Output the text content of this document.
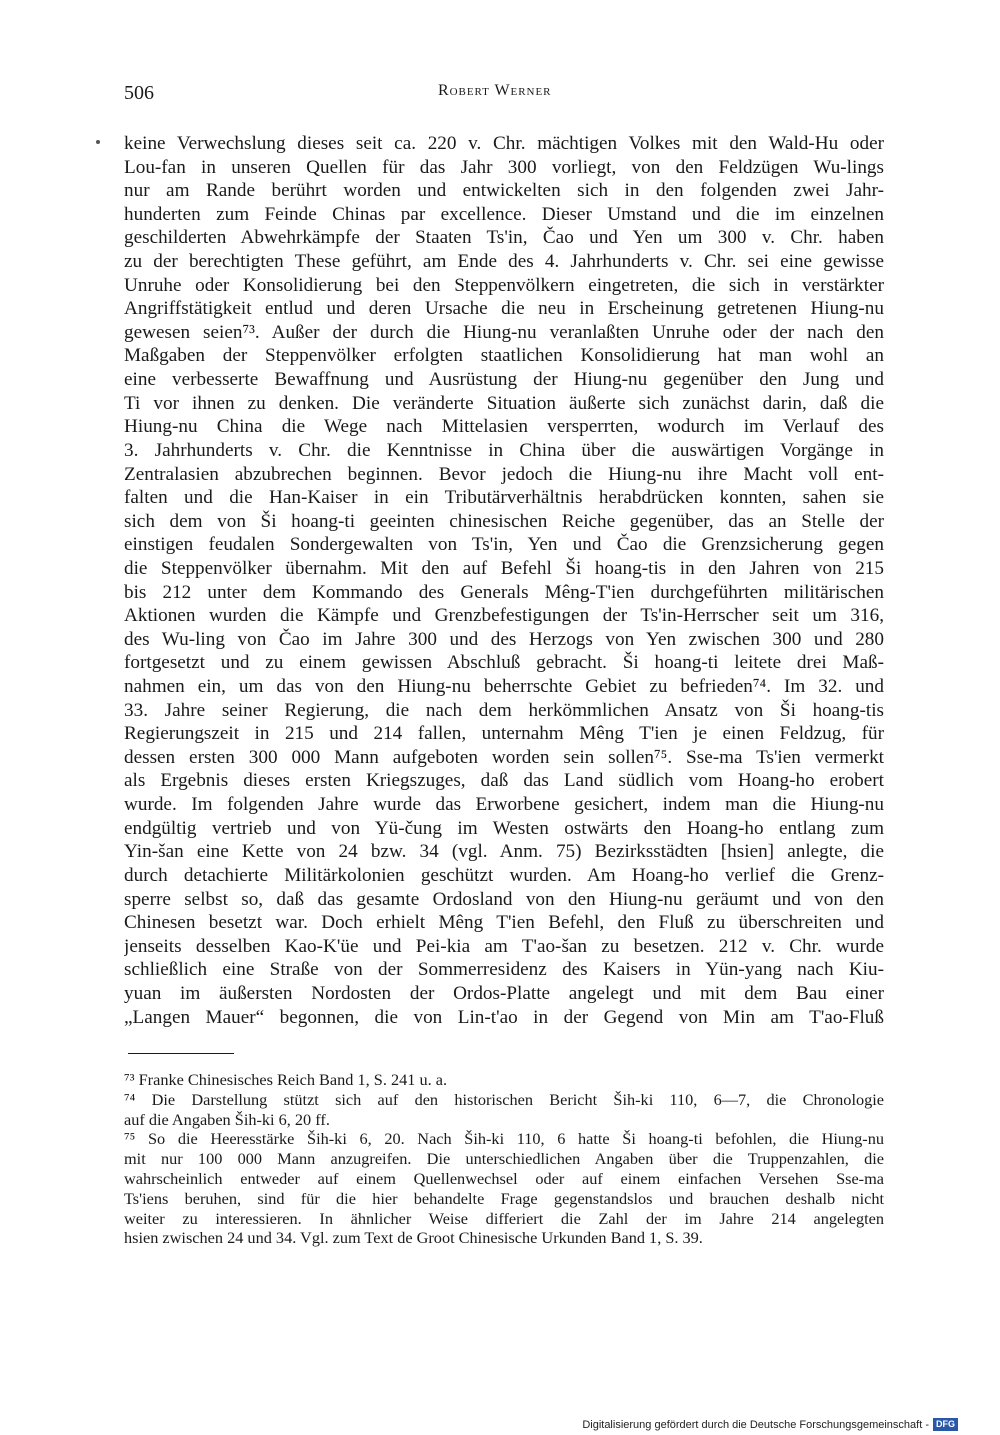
506	Robert Werner
keine Verwechslung dieses seit ca. 220 v. Chr. mächtigen Volkes mit den Wald-Hu oder
Lou-fan in unseren Quellen für das Jahr 300 vorliegt, von den Feldzügen Wu-lings
nur am Rande berührt worden und entwickelten sich in den folgenden zwei Jahr-
hunderten zum Feinde Chinas par excellence. Dieser Umstand und die im einzelnen
geschilderten Abwehrkämpfe der Staaten Ts'in, Čao und Yen um 300 v. Chr. haben
zu der berechtigten These geführt, am Ende des 4. Jahrhunderts v. Chr. sei eine gewisse
Unruhe oder Konsolidierung bei den Steppenvölkern eingetreten, die sich in verstärkter
Angriffstätigkeit entlud und deren Ursache die neu in Erscheinung getretenen Hiung-nu
gewesen seien⁷³. Außer der durch die Hiung-nu veranlaßten Unruhe oder der nach den
Maßgaben der Steppenvölker erfolgten staatlichen Konsolidierung hat man wohl an
eine verbesserte Bewaffnung und Ausrüstung der Hiung-nu gegenüber den Jung und
Ti vor ihnen zu denken. Die veränderte Situation äußerte sich zunächst darin, daß die
Hiung-nu China die Wege nach Mittelasien versperrten, wodurch im Verlauf des
3. Jahrhunderts v. Chr. die Kenntnisse in China über die auswärtigen Vorgänge in
Zentralasien abzubrechen beginnen. Bevor jedoch die Hiung-nu ihre Macht voll ent-
falten und die Han-Kaiser in ein Tributärverhältnis herabdrücken konnten, sahen sie
sich dem von Ši hoang-ti geeinten chinesischen Reiche gegenüber, das an Stelle der
einstigen feudalen Sondergewalten von Ts'in, Yen und Čao die Grenzsicherung gegen
die Steppenvölker übernahm. Mit den auf Befehl Ši hoang-tis in den Jahren von 215
bis 212 unter dem Kommando des Generals Mêng-T'ien durchgeführten militärischen
Aktionen wurden die Kämpfe und Grenzbefestigungen der Ts'in-Herrscher seit um 316,
des Wu-ling von Čao im Jahre 300 und des Herzogs von Yen zwischen 300 und 280
fortgesetzt und zu einem gewissen Abschluß gebracht. Ši hoang-ti leitete drei Maß-
nahmen ein, um das von den Hiung-nu beherrschte Gebiet zu befrieden⁷⁴. Im 32. und
33. Jahre seiner Regierung, die nach dem herkömmlichen Ansatz von Ši hoang-tis
Regierungszeit in 215 und 214 fallen, unternahm Mêng T'ien je einen Feldzug, für
dessen ersten 300 000 Mann aufgeboten worden sein sollen⁷⁵. Sse-ma Ts'ien vermerkt
als Ergebnis dieses ersten Kriegszuges, daß das Land südlich vom Hoang-ho erobert
wurde. Im folgenden Jahre wurde das Erworbene gesichert, indem man die Hiung-nu
endgültig vertrieb und von Yü-čung im Westen ostwärts den Hoang-ho entlang zum
Yin-šan eine Kette von 24 bzw. 34 (vgl. Anm. 75) Bezirksstädten [hsien] anlegte, die
durch detachierte Militärkolonien geschützt wurden. Am Hoang-ho verlief die Grenz-
sperre selbst so, daß das gesamte Ordosland von den Hiung-nu geräumt und von den
Chinesen besetzt war. Doch erhielt Mêng T'ien Befehl, den Fluß zu überschreiten und
jenseits desselben Kao-K'üe und Pei-kia am T'ao-šan zu besetzen. 212 v. Chr. wurde
schließlich eine Straße von der Sommerresidenz des Kaisers in Yün-yang nach Kiu-
yuan im äußersten Nordosten der Ordos-Platte angelegt und mit dem Bau einer
„Langen Mauer“ begonnen, die von Lin-t'ao in der Gegend von Min am T'ao-Fluß
⁷³ Franke Chinesisches Reich Band 1, S. 241 u. a.
⁷⁴ Die Darstellung stützt sich auf den historischen Bericht Ših-ki 110, 6—7, die Chronologie
auf die Angaben Ših-ki 6, 20 ff.
⁷⁵ So die Heeresstärke Ših-ki 6, 20. Nach Ših-ki 110, 6 hatte Ši hoang-ti befohlen, die Hiung-nu
mit nur 100 000 Mann anzugreifen. Die unterschiedlichen Angaben über die Truppenzahlen, die
wahrscheinlich entweder auf einem Quellenwechsel oder auf einem einfachen Versehen Sse-ma
Ts'iens beruhen, sind für die hier behandelte Frage gegenstandslos und brauchen deshalb nicht
weiter zu interessieren. In ähnlicher Weise differiert die Zahl der im Jahre 214 angelegten
hsien zwischen 24 und 34. Vgl. zum Text de Groot Chinesische Urkunden Band 1, S. 39.
Digitalisierung gefördert durch die Deutsche Forschungsgemeinschaft - DFG
